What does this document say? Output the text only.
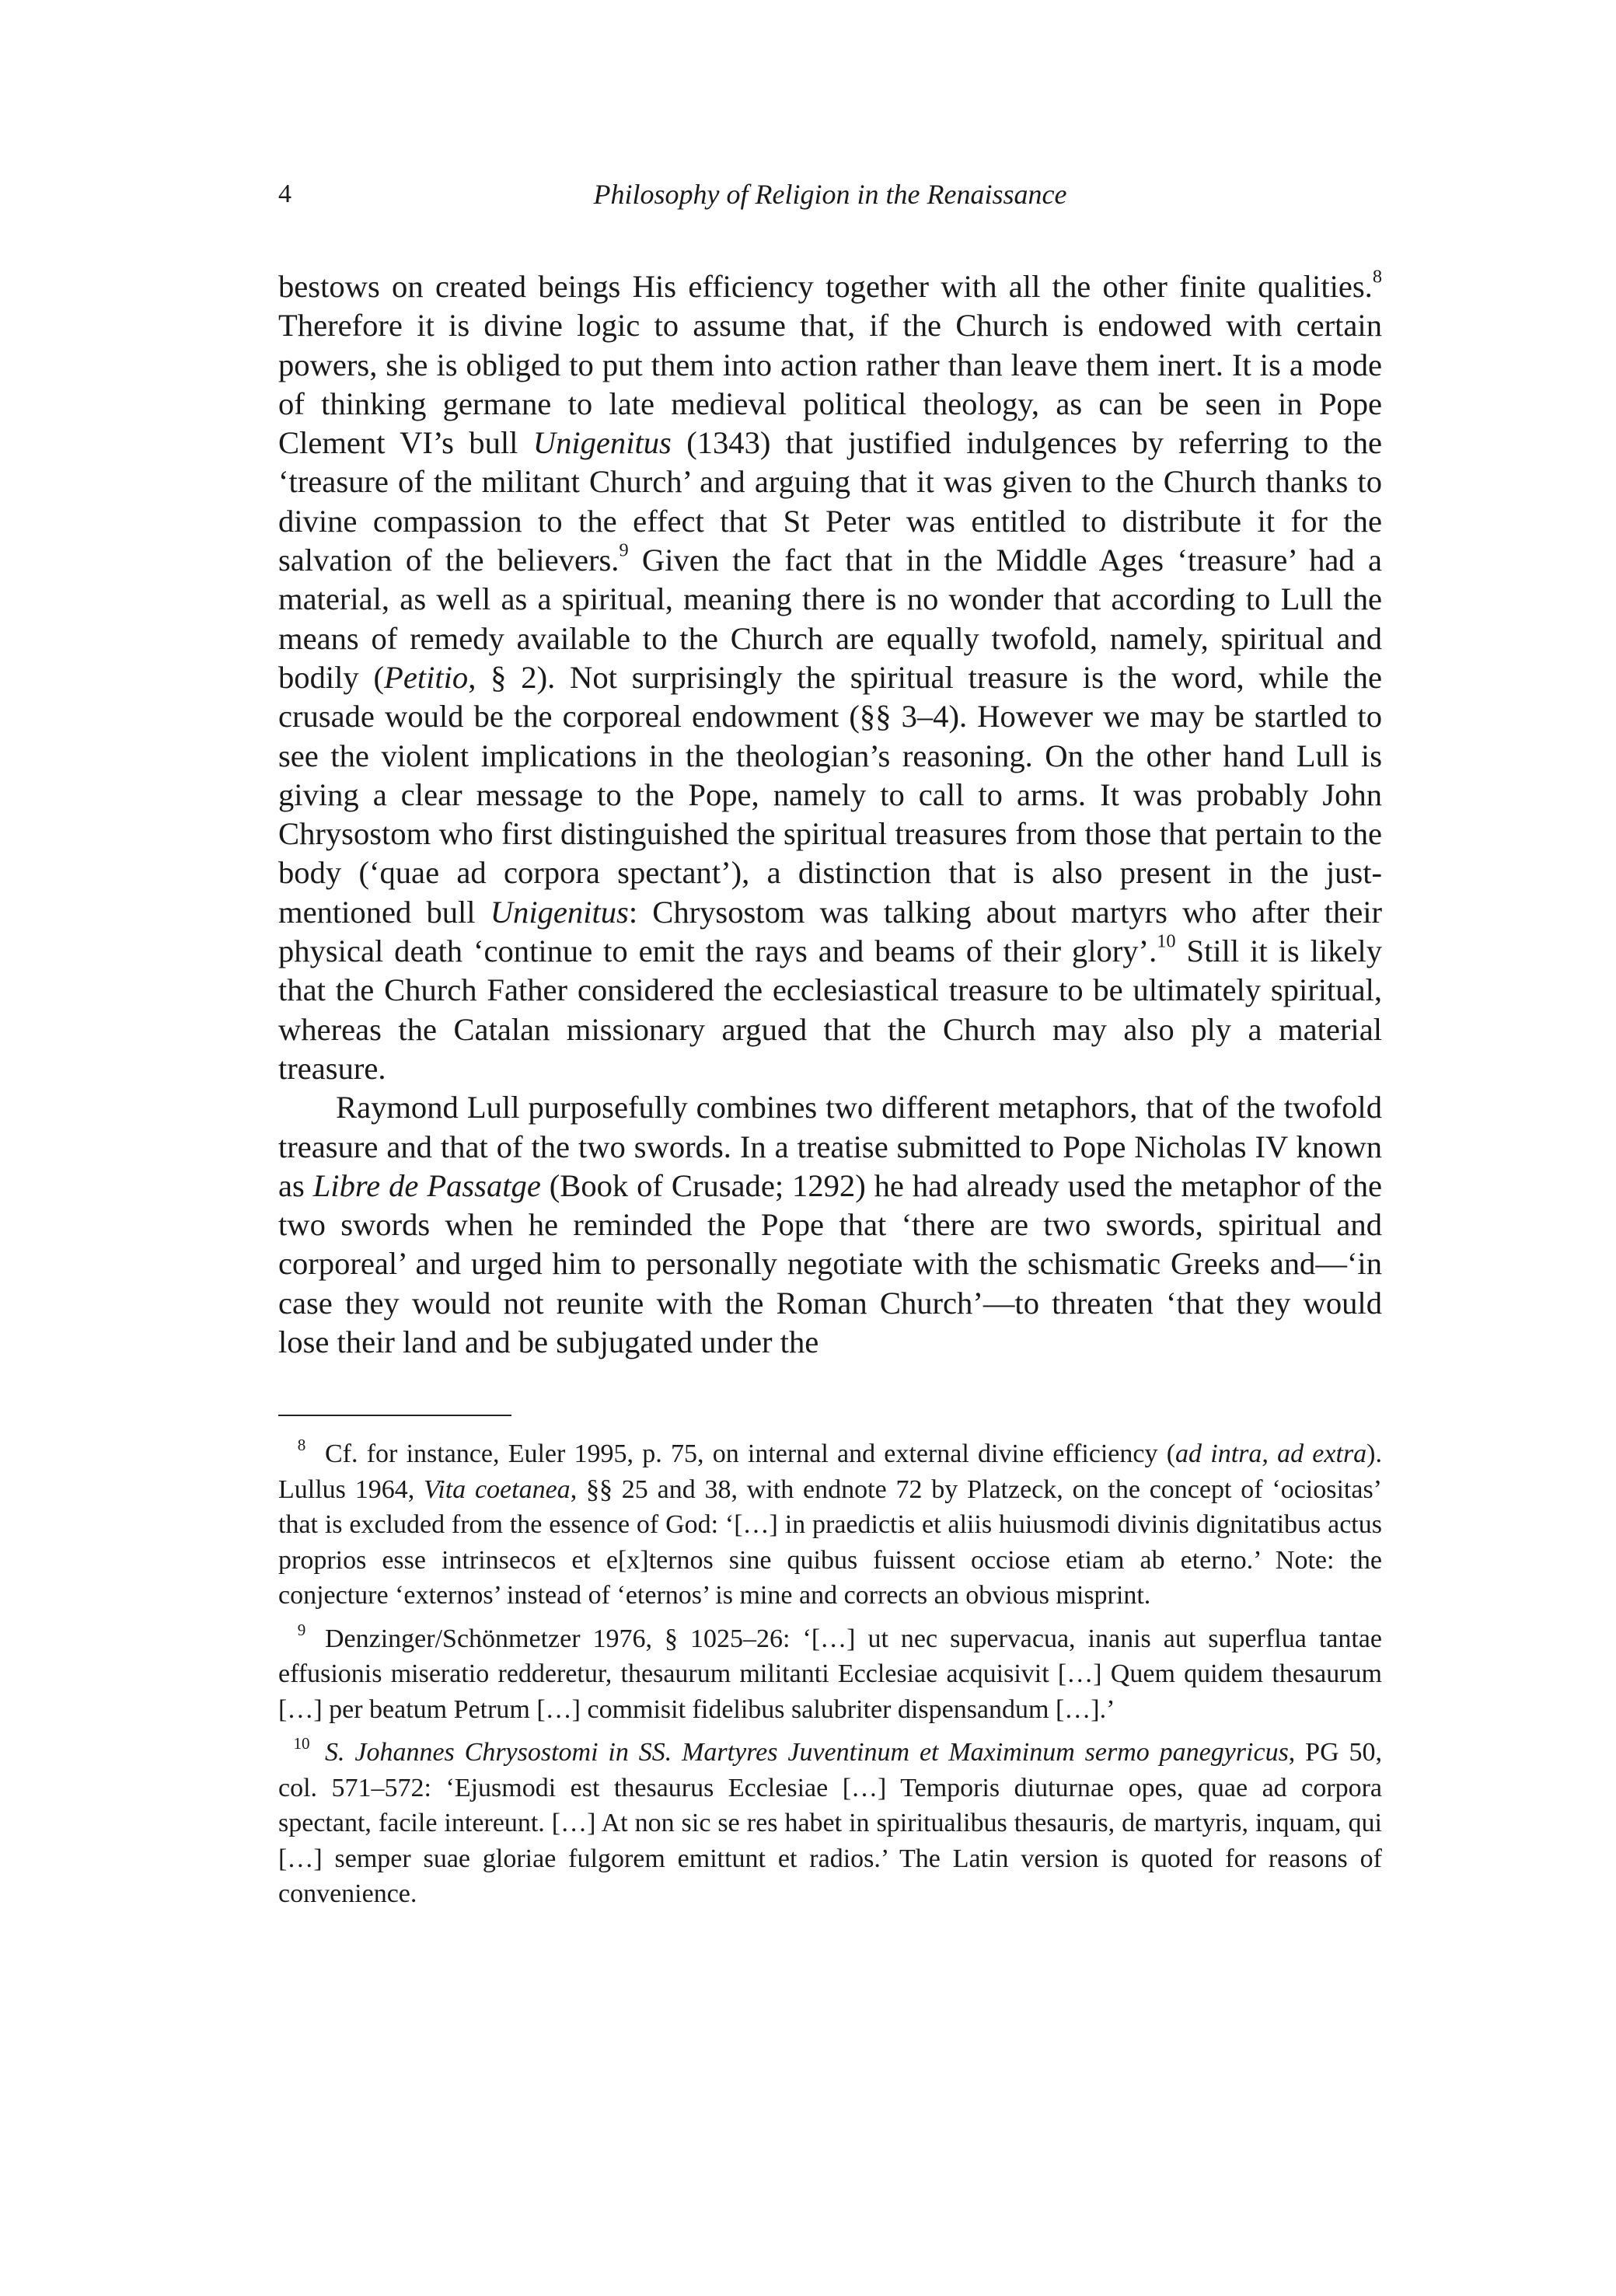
4	Philosophy of Religion in the Renaissance

bestows on created beings His efficiency together with all the other finite qualities.$^8$ Therefore it is divine logic to assume that, if the Church is endowed with certain powers, she is obliged to put them into action rather than leave them inert. It is a mode of thinking germane to late medieval political theology, as can be seen in Pope Clement VI’s bull Unigenitus (1343) that justified indulgences by referring to the ‘treasure of the militant Church’ and arguing that it was given to the Church thanks to divine compassion to the effect that St Peter was entitled to distribute it for the salvation of the believers.$^9$ Given the fact that in the Middle Ages ‘treasure’ had a material, as well as a spiritual, meaning there is no wonder that according to Lull the means of remedy available to the Church are equally twofold, namely, spiritual and bodily (Petitio, § 2). Not surprisingly the spiritual treasure is the word, while the crusade would be the corporeal endowment (§§ 3–4). However we may be startled to see the violent implications in the theologian’s reasoning. On the other hand Lull is giving a clear message to the Pope, namely to call to arms. It was probably John Chrysostom who first distinguished the spiritual treasures from those that pertain to the body (‘quae ad corpora spectant’), a distinction that is also present in the just-mentioned bull Unigenitus: Chrysostom was talking about martyrs who after their physical death ‘continue to emit the rays and beams of their glory’.$^{10}$ Still it is likely that the Church Father considered the ecclesiastical treasure to be ultimately spiritual, whereas the Catalan missionary argued that the Church may also ply a material treasure.

Raymond Lull purposefully combines two different metaphors, that of the twofold treasure and that of the two swords. In a treatise submitted to Pope Nicholas IV known as Libre de Passatge (Book of Crusade; 1292) he had already used the metaphor of the two swords when he reminded the Pope that ‘there are two swords, spiritual and corporeal’ and urged him to personally negotiate with the schismatic Greeks and—‘in case they would not reunite with the Roman Church’—to threaten ‘that they would lose their land and be subjugated under the

8 Cf. for instance, Euler 1995, p. 75, on internal and external divine efficiency (ad intra, ad extra). Lullus 1964, Vita coetanea, §§ 25 and 38, with endnote 72 by Platzeck, on the concept of ‘ociositas’ that is excluded from the essence of God: ‘[…] in praedictis et aliis huiusmodi divinis dignitatibus actus proprios esse intrinsecos et e[x]ternos sine quibus fuissent occiose etiam ab eterno.’ Note: the conjecture ‘externos’ instead of ‘eternos’ is mine and corrects an obvious misprint.

9 Denzinger/Schönmetzer 1976, § 1025–26: ‘[…] ut nec supervacua, inanis aut superflua tantae effusionis miseratio redderetur, thesaurum militanti Ecclesiae acquisivit […] Quem quidem thesaurum […] per beatum Petrum […] commisit fidelibus salubriter dispensandum […].’

10 S. Johannes Chrysostomi in SS. Martyres Juventinum et Maximinum sermo panegyricus, PG 50, col. 571–572: ‘Ejusmodi est thesaurus Ecclesiae […] Temporis diuturnae opes, quae ad corpora spectant, facile intereunt. […] At non sic se res habet in spiritualibus thesauris, de martyris, inquam, qui […] semper suae gloriae fulgorem emittunt et radios.’ The Latin version is quoted for reasons of convenience.
